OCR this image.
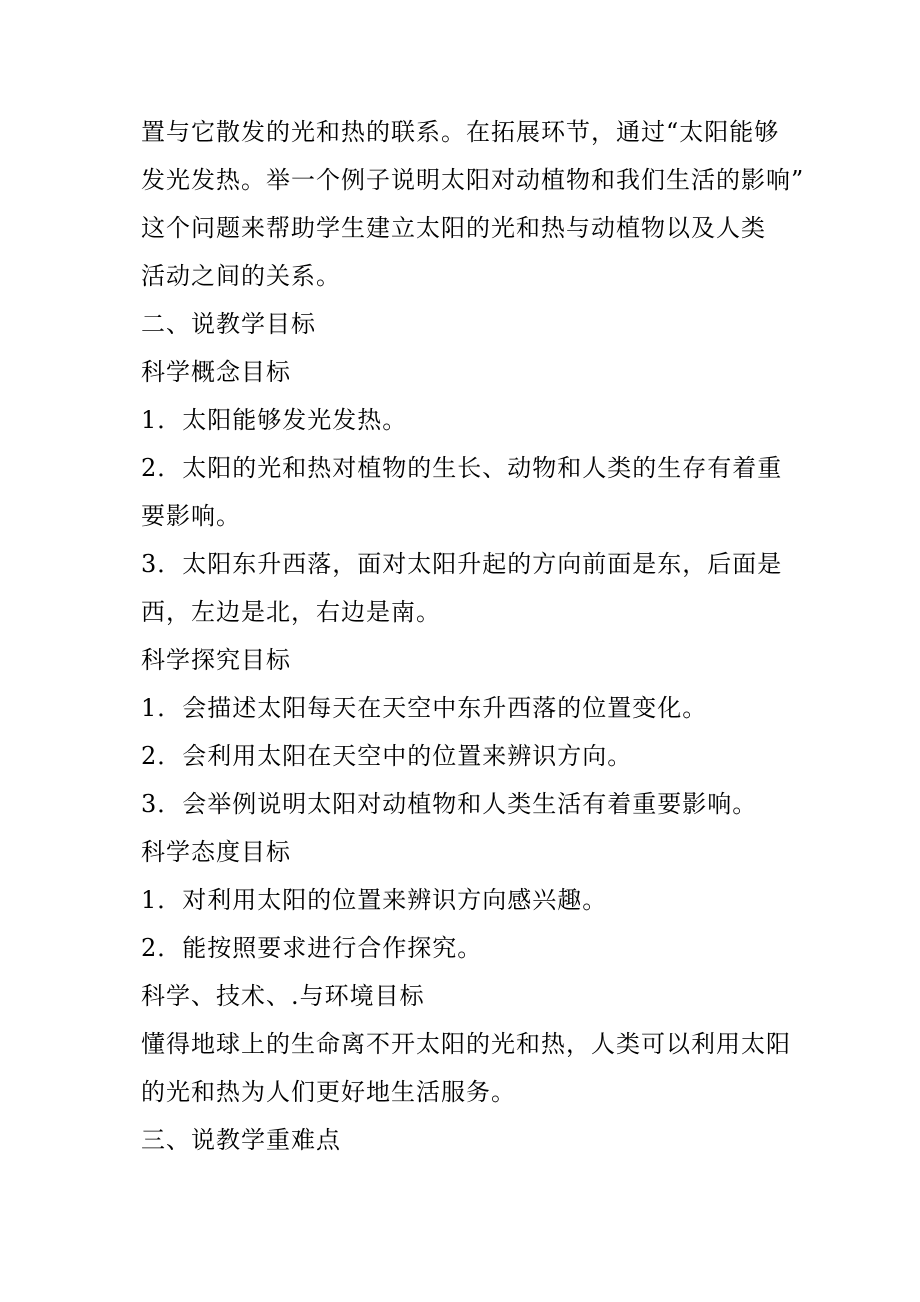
置与它散发的光和热的联系。在拓展环节，通过“太阳能够
发光发热。举一个例子说明太阳对动植物和我们生活的影响”
这个问题来帮助学生建立太阳的光和热与动植物以及人类
活动之间的关系。
二、说教学目标
科学概念目标
1．太阳能够发光发热。
2．太阳的光和热对植物的生长、动物和人类的生存有着重
要影响。
3．太阳东升西落，面对太阳升起的方向前面是东，后面是
西，左边是北，右边是南。
科学探究目标
1．会描述太阳每天在天空中东升西落的位置变化。
2．会利用太阳在天空中的位置来辨识方向。
3．会举例说明太阳对动植物和人类生活有着重要影响。
科学态度目标
1．对利用太阳的位置来辨识方向感兴趣。
2．能按照要求进行合作探究。
科学、技术、.与环境目标
懂得地球上的生命离不开太阳的光和热，人类可以利用太阳
的光和热为人们更好地生活服务。
三、说教学重难点
